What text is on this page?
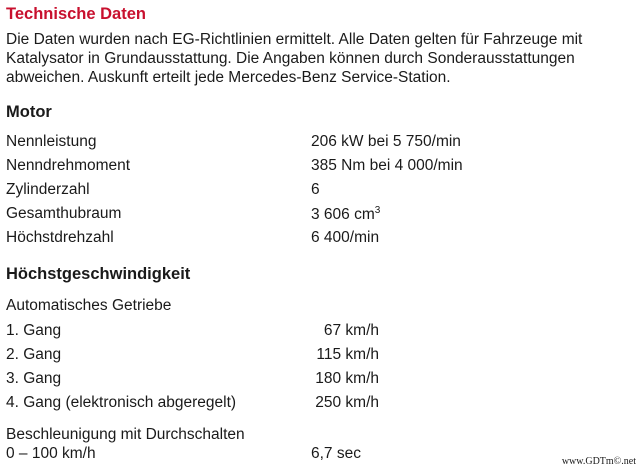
Technische Daten

Die Daten wurden nach EG-Richtlinien ermittelt. Alle Daten gelten für Fahrzeuge mit Katalysator in Grundausstattung. Die Angaben können durch Sonderausstattungen abweichen. Auskunft erteilt jede Mercedes-Benz Service-Station.

Motor
Nennleistung	206 kW bei 5 750/min
Nenndrehmoment	385 Nm bei 4 000/min
Zylinderzahl	6
Gesamthubraum	3 606 $cm^3$
Höchstdrehzahl	6 400/min
Höchstgeschwindigkeit
Automatisches Getriebe
1. Gang	67 km/h
2. Gang	115 km/h
3. Gang	180 km/h
4. Gang (elektronisch abgeregelt)	250 km/h
Beschleunigung mit Durchschalten
0 – 100 km/h	6,7 sec	www.GDTm©.net
